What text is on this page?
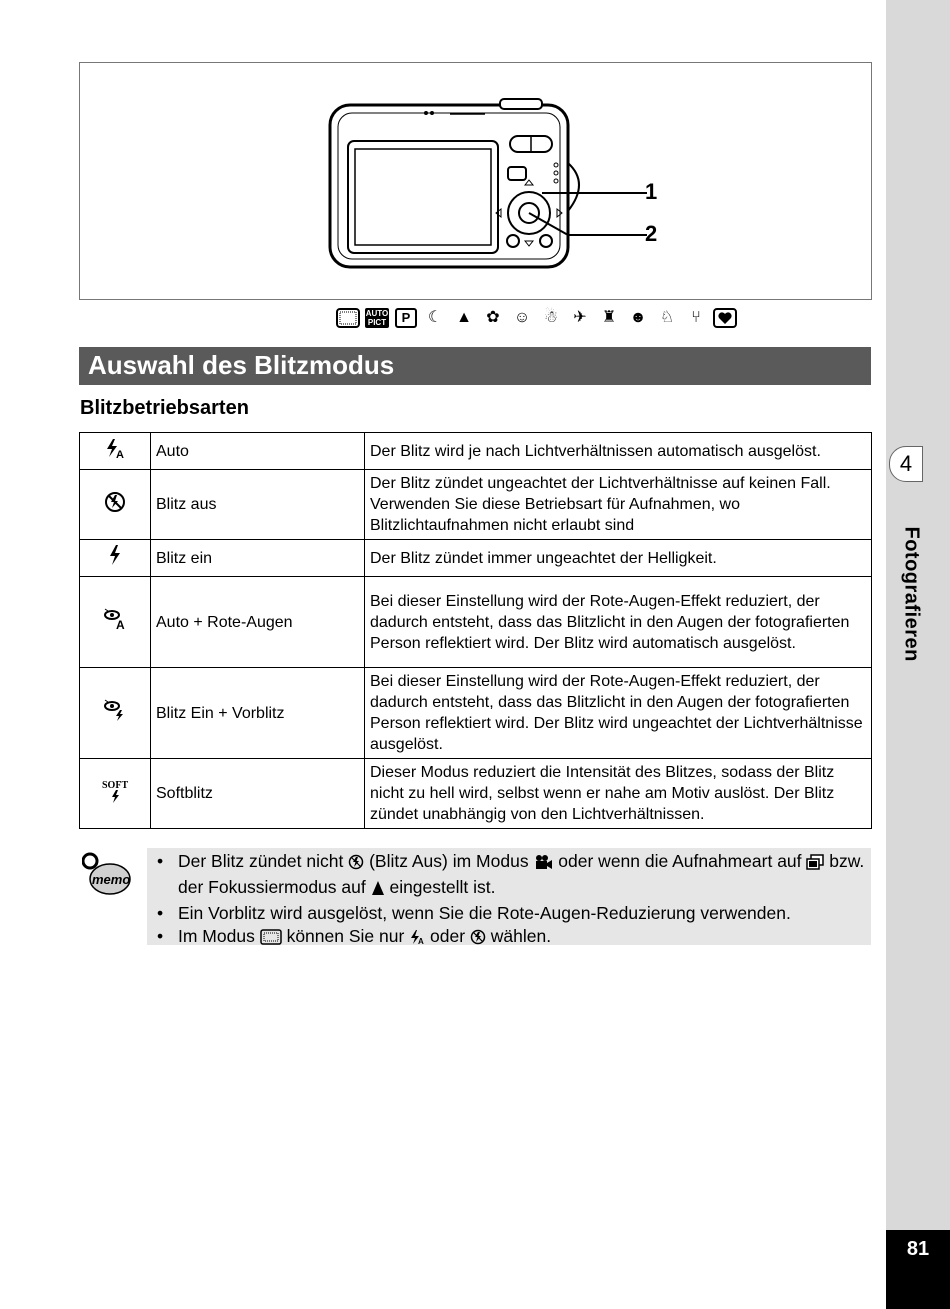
4
Fotografieren
81
1
2
AUTO
PICT	P	☾ ▲ ✿ ☺ ☃ ✈ ♜ ☻ ♘	⑂
Auswahl des Blitzmodus
Blitzbetriebsarten
A	Auto	Der Blitz wird je nach Lichtverhältnissen automatisch ausgelöst.
	Blitz aus	Der Blitz zündet ungeachtet der Lichtverhältnisse auf keinen Fall. Verwenden Sie diese Betriebsart für Aufnahmen, wo Blitzlichtaufnahmen nicht erlaubt sind
	Blitz ein	Der Blitz zündet immer ungeachtet der Helligkeit.

A	Auto + Rote-Augen	Bei dieser Einstellung wird der Rote-Augen-Effekt reduziert, der dadurch entsteht, dass das Blitzlicht in den Augen der fotografierten Person reflektiert wird. Der Blitz wird automatisch ausgelöst.
	Blitz Ein + Vorblitz	Bei dieser Einstellung wird der Rote-Augen-Effekt reduziert, der dadurch entsteht, dass das Blitzlicht in den Augen der fotografierten Person reflektiert wird. Der Blitz wird ungeachtet der Lichtverhältnisse ausgelöst.

SOFT	Softblitz	Dieser Modus reduziert die Intensität des Blitzes, sodass der Blitz nicht zu hell wird, selbst wenn er nahe am Motiv auslöst. Der Blitz zündet unabhängig von den Lichtverhältnissen.
memo
• Der Blitz zündet nicht  (Blitz Aus) im Modus  oder wenn die Aufnahmeart auf  bzw. der Fokussiermodus auf  eingestellt ist.
• Ein Vorblitz wird ausgelöst, wenn Sie die Rote-Augen-Reduzierung verwenden.
• Im Modus  können Sie nur A oder  wählen.
